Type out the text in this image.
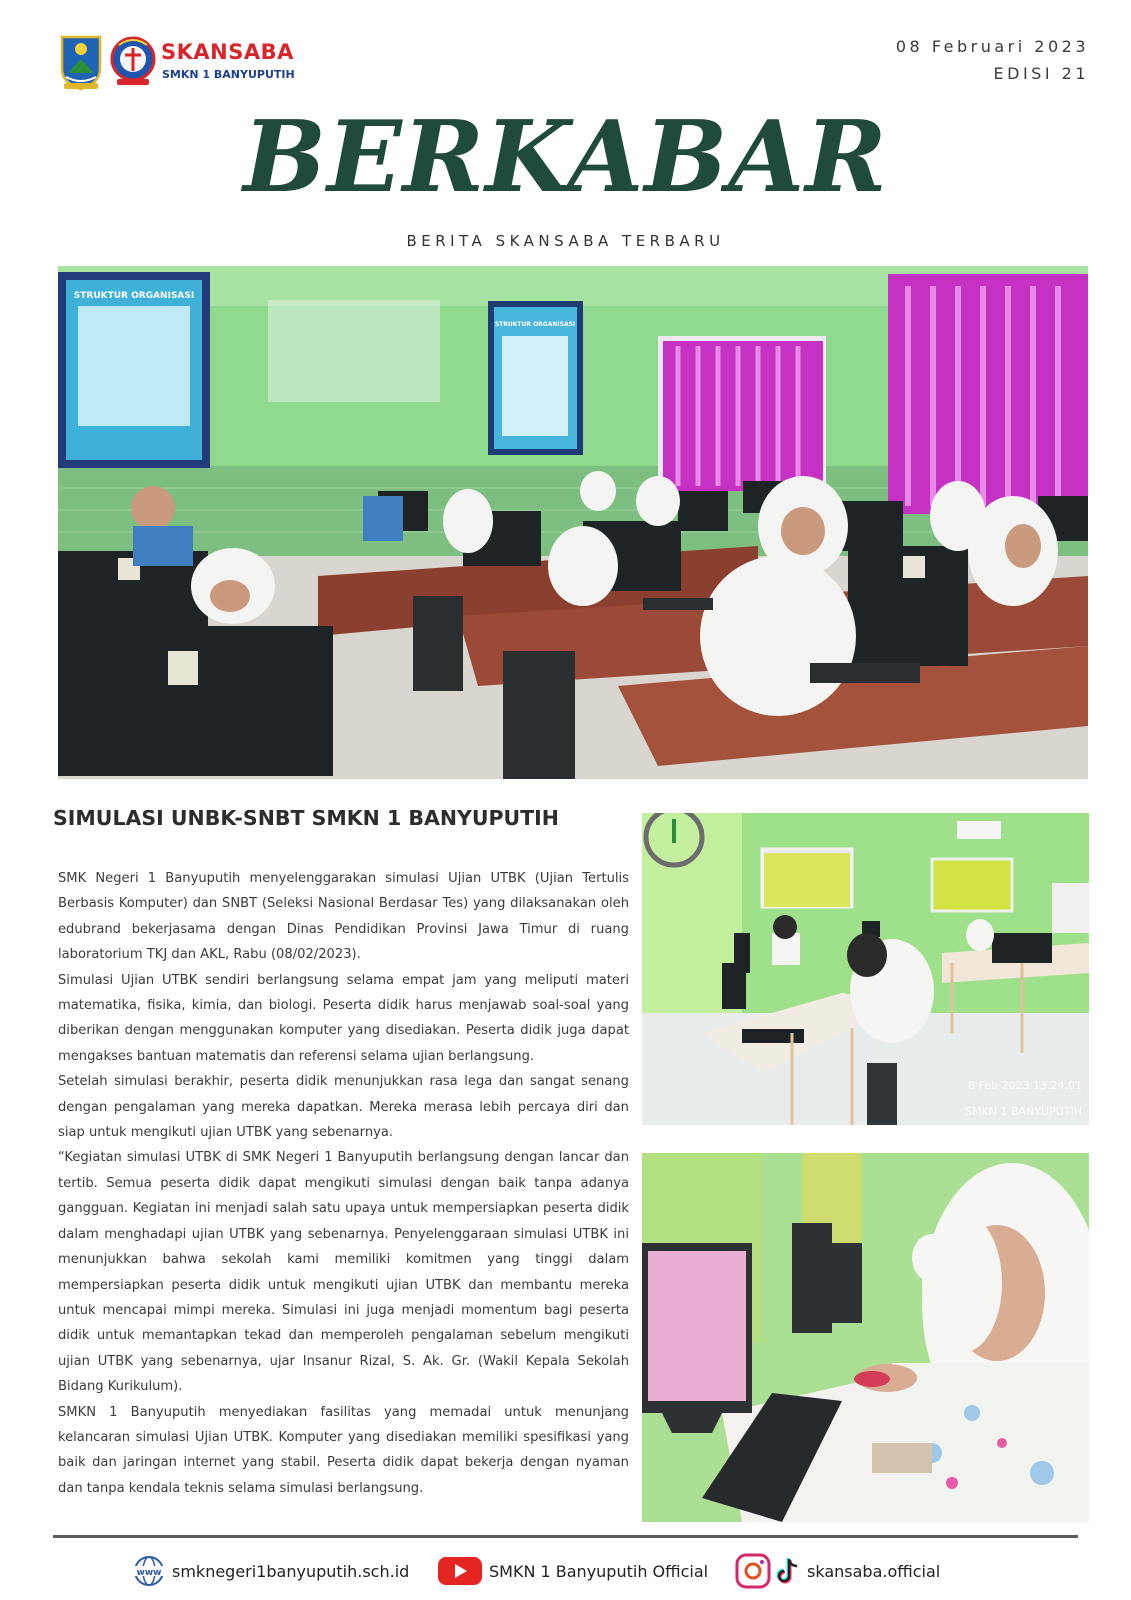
SKANSABA

SMKN 1 BANYUPUTIH

08 Februari 2023
EDISI 21
BERKABAR

BERITA SKANSABA TERBARU

STRUKTUR ORGANISASI
STRUKTUR ORGANISASI
SIMULASI UNBK-SNBT SMKN 1 BANYUPUTIH

SMK Negeri 1 Banyuputih menyelenggarakan simulasi Ujian UTBK (Ujian Tertulis Berbasis Komputer) dan SNBT (Seleksi Nasional Berdasar Tes) yang dilaksanakan oleh edubrand bekerjasama dengan Dinas Pendidikan Provinsi Jawa Timur di ruang laboratorium TKJ dan AKL, Rabu (08/02/2023).

Simulasi Ujian UTBK sendiri berlangsung selama empat jam yang meliputi materi matematika, fisika, kimia, dan biologi. Peserta didik harus menjawab soal-soal yang diberikan dengan menggunakan komputer yang disediakan. Peserta didik juga dapat mengakses bantuan matematis dan referensi selama ujian berlangsung.

Setelah simulasi berakhir, peserta didik menunjukkan rasa lega dan sangat senang dengan pengalaman yang mereka dapatkan. Mereka merasa lebih percaya diri dan siap untuk mengikuti ujian UTBK yang sebenarnya.

“Kegiatan simulasi UTBK di SMK Negeri 1 Banyuputih berlangsung dengan lancar dan tertib. Semua peserta didik dapat mengikuti simulasi dengan baik tanpa adanya gangguan. Kegiatan ini menjadi salah satu upaya untuk mempersiapkan peserta didik dalam menghadapi ujian UTBK yang sebenarnya. Penyelenggaraan simulasi UTBK ini menunjukkan bahwa sekolah kami memiliki komitmen yang tinggi dalam mempersiapkan peserta didik untuk mengikuti ujian UTBK dan membantu mereka untuk mencapai mimpi mereka. Simulasi ini juga menjadi momentum bagi peserta didik untuk memantapkan tekad dan memperoleh pengalaman sebelum mengikuti ujian UTBK yang sebenarnya, ujar Insanur Rizal, S. Ak. Gr. (Wakil Kepala Sekolah Bidang Kurikulum).

SMKN 1 Banyuputih menyediakan fasilitas yang memadai untuk menunjang kelancaran simulasi Ujian UTBK. Komputer yang disediakan memiliki spesifikasi yang baik dan jaringan internet yang stabil. Peserta didik dapat bekerja dengan nyaman dan tanpa kendala teknis selama simulasi berlangsung.

8 Feb 2023 13.24.01
SMKN 1 BANYUPUTIH
www smknegeri1banyuputih.sch.id	SMKN 1 Banyuputih Official	skansaba.official
